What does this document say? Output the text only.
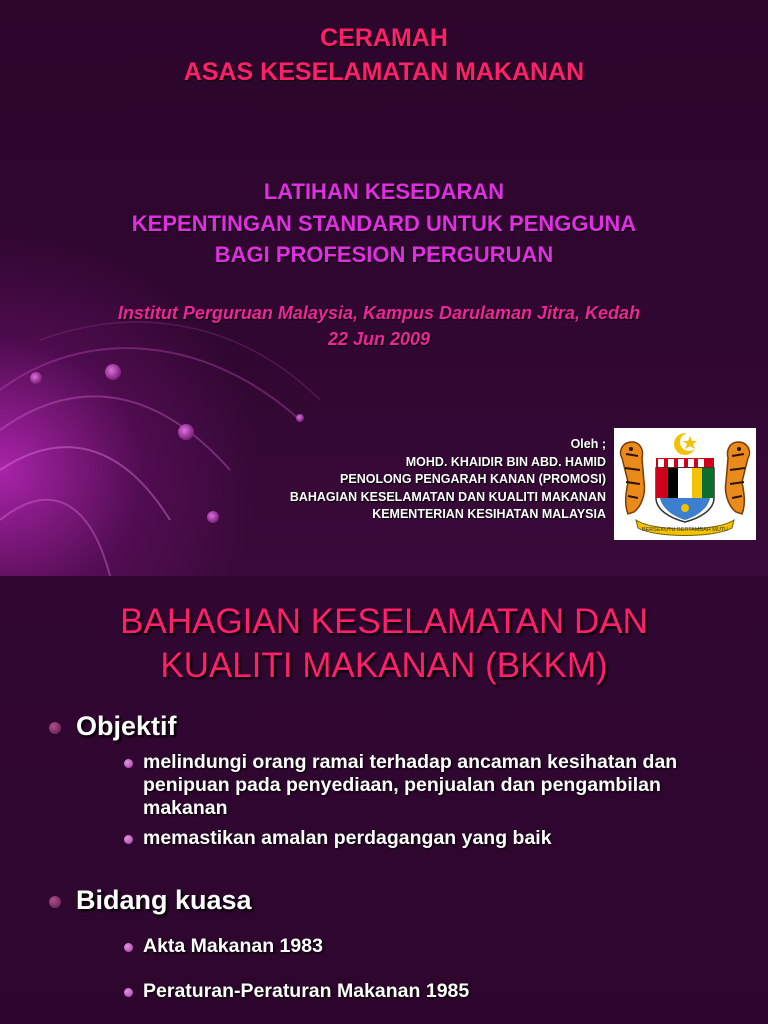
CERAMAH
ASAS KESELAMATAN MAKANAN
LATIHAN KESEDARAN
KEPENTINGAN STANDARD UNTUK PENGGUNA
BAGI PROFESION PERGURUAN
Institut Perguruan Malaysia, Kampus Darulaman Jitra, Kedah
22 Jun 2009
Oleh ;
MOHD. KHAIDIR BIN ABD. HAMID
PENOLONG PENGARAH KANAN (PROMOSI)
BAHAGIAN KESELAMATAN DAN KUALITI MAKANAN
KEMENTERIAN KESIHATAN MALAYSIA
BERSEKUTU BERTAMBAH MUTU
BAHAGIAN KESELAMATAN DAN
KUALITI MAKANAN (BKKM)
Objektif
melindungi orang ramai terhadap ancaman kesihatan dan penipuan pada penyediaan, penjualan dan pengambilan makanan
memastikan amalan perdagangan yang baik
Bidang kuasa
Akta Makanan 1983
Peraturan-Peraturan Makanan 1985
